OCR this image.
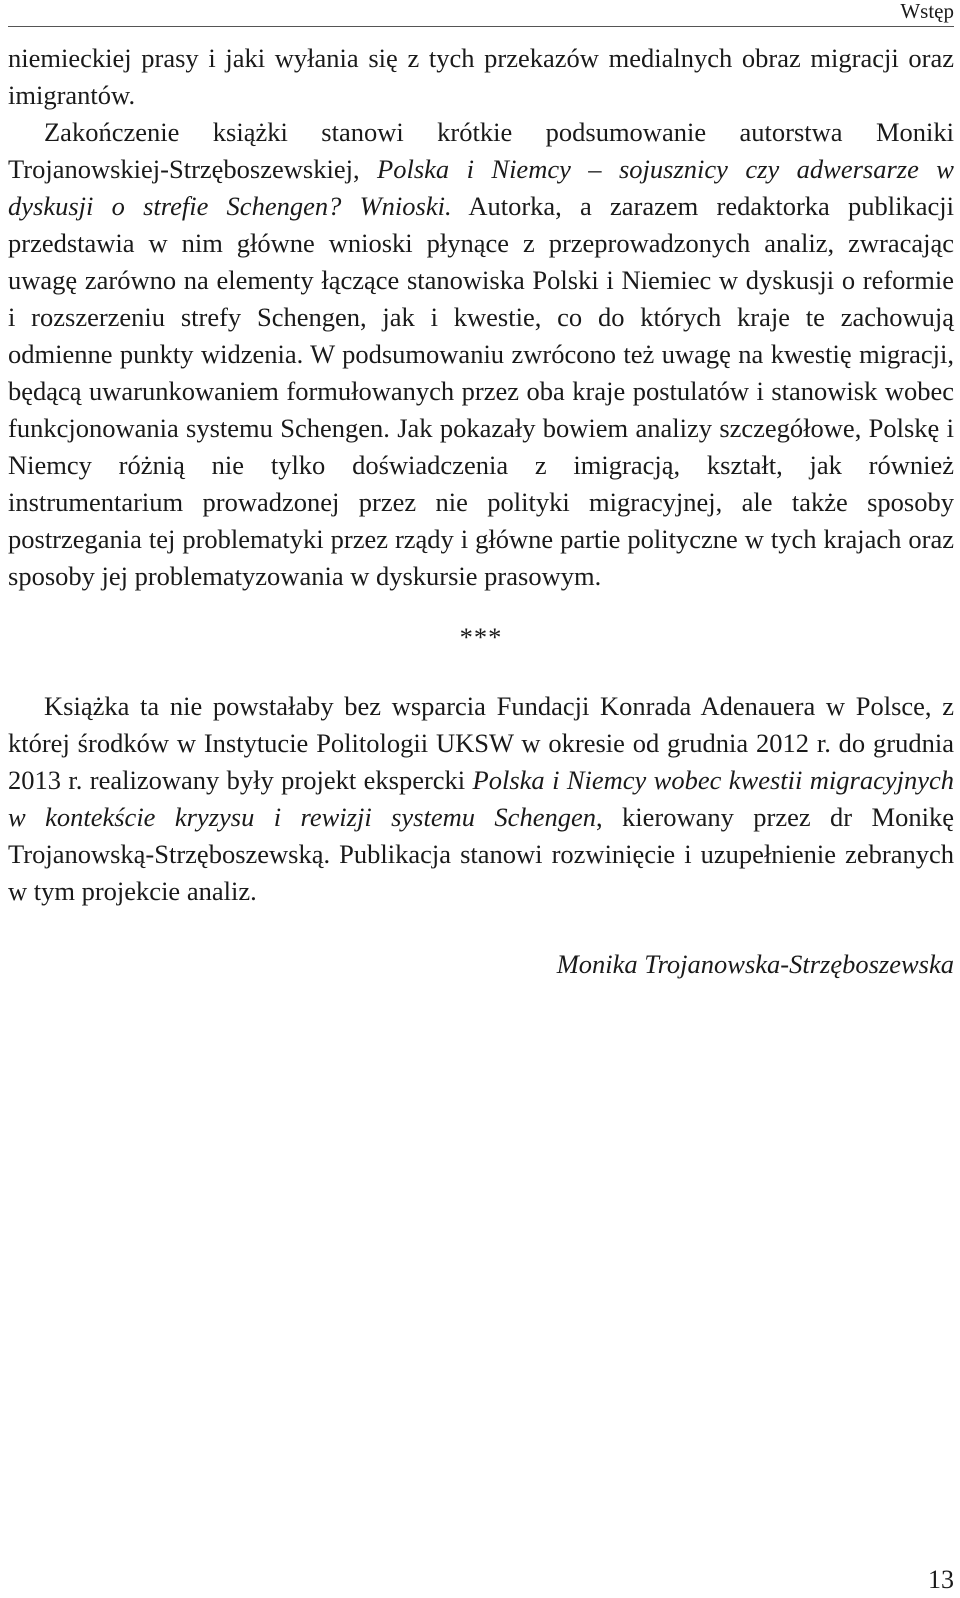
Wstęp

niemieckiej prasy i jaki wyłania się z tych przekazów medialnych obraz migracji oraz imigrantów.

Zakończenie książki stanowi krótkie podsumowanie autorstwa Moniki Trojanowskiej-Strzęboszewskiej, Polska i Niemcy – sojusznicy czy adwersarze w dyskusji o strefie Schengen? Wnioski. Autorka, a zarazem redaktorka publikacji przedstawia w nim główne wnioski płynące z przeprowadzonych analiz, zwracając uwagę zarówno na elementy łączące stanowiska Polski i Niemiec w dyskusji o reformie i rozszerzeniu strefy Schengen, jak i kwestie, co do których kraje te zachowują odmienne punkty widzenia. W podsumowaniu zwrócono też uwagę na kwestię migracji, będącą uwarunkowaniem formułowanych przez oba kraje postulatów i stanowisk wobec funkcjonowania systemu Schengen. Jak pokazały bowiem analizy szczegółowe, Polskę i Niemcy różnią nie tylko doświadczenia z imigracją, kształt, jak również instrumentarium prowadzonej przez nie polityki migracyjnej, ale także sposoby postrzegania tej problematyki przez rządy i główne partie polityczne w tych krajach oraz sposoby jej problematyzowania w dyskursie prasowym.

***

Książka ta nie powstałaby bez wsparcia Fundacji Konrada Adenauera w Polsce, z której środków w Instytucie Politologii UKSW w okresie od grudnia 2012 r. do grudnia 2013 r. realizowany były projekt ekspercki Polska i Niemcy wobec kwestii migracyjnych w kontekście kryzysu i rewizji systemu Schengen, kierowany przez dr Monikę Trojanowską-Strzęboszewską. Publikacja stanowi rozwinięcie i uzupełnienie zebranych w tym projekcie analiz.

Monika Trojanowska-Strzęboszewska

13
